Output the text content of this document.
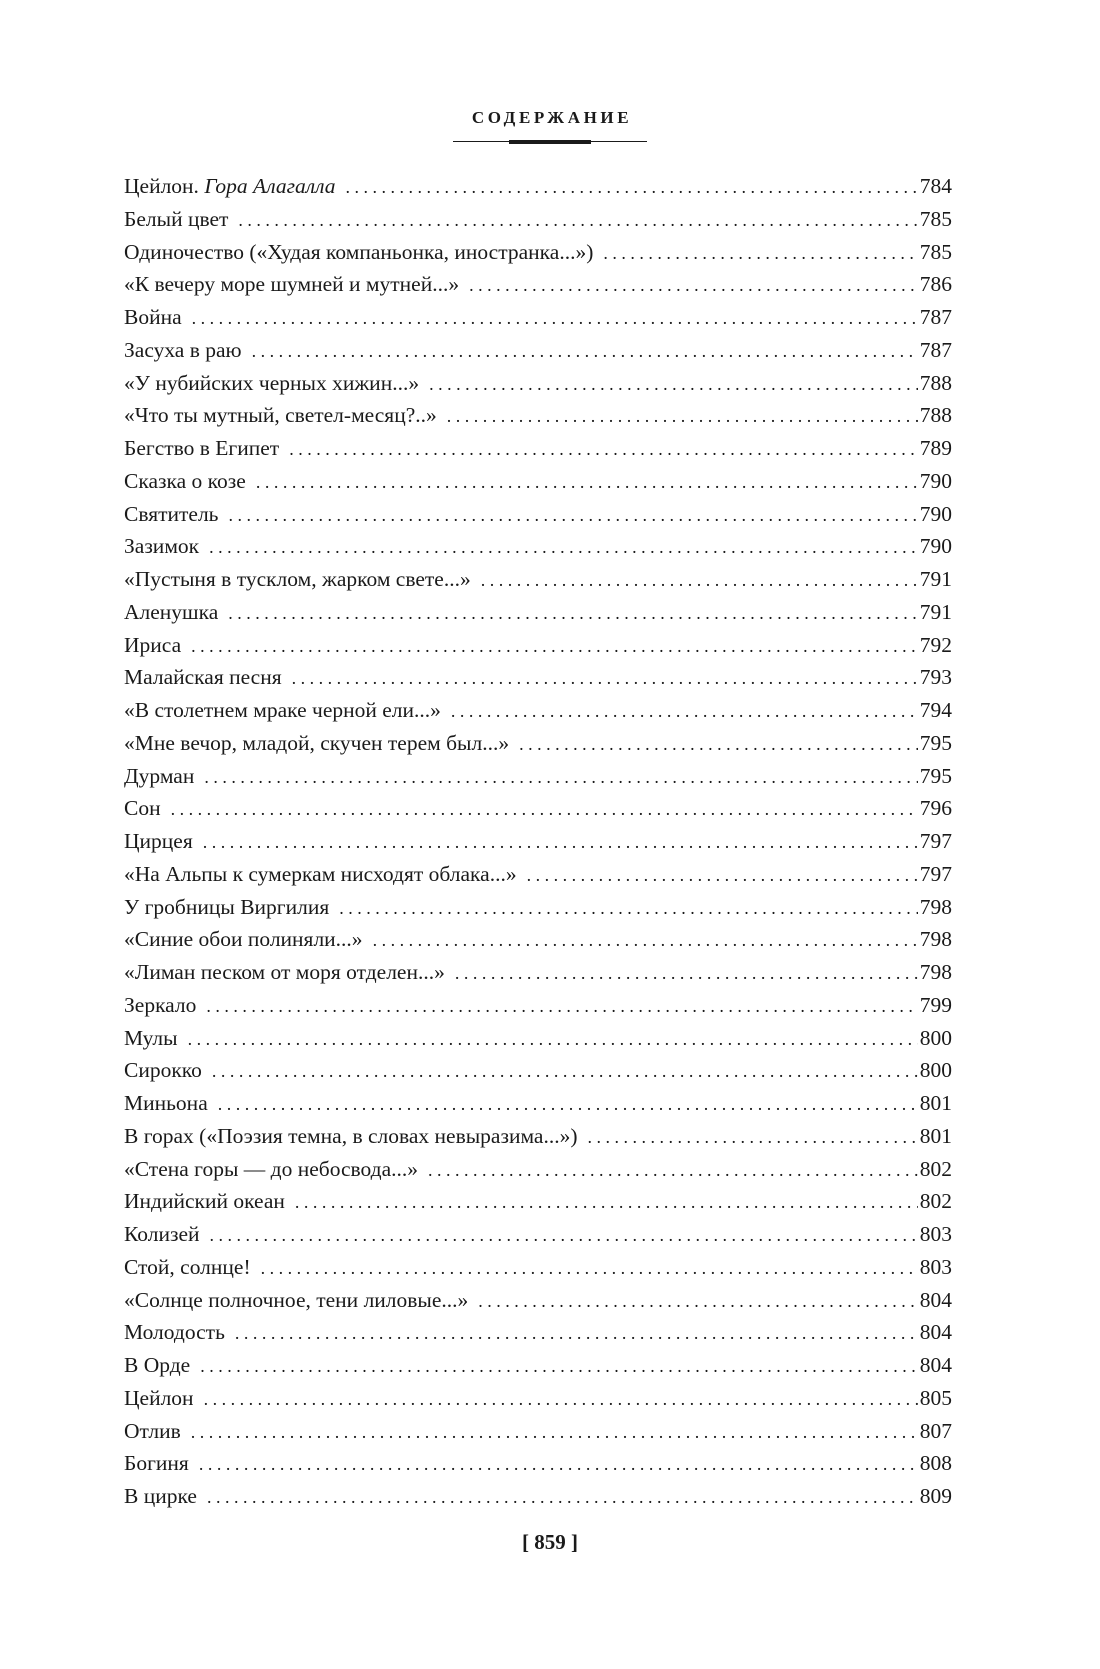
СОДЕРЖАНИЕ
Цейлон. Гора Алагалла . . .	784
Белый цвет . . .	785
Одиночество («Худая компаньонка, иностранка...») . . .	785
«К вечеру море шумней и мутней...» . . .	786
Война . . .	787
Засуха в раю . . .	787
«У нубийских черных хижин...» . . .	788
«Что ты мутный, светел-месяц?..» . . .	788
Бегство в Египет . . .	789
Сказка о козе . . .	790
Святитель . . .	790
Зазимок . . .	790
«Пустыня в тусклом, жарком свете...» . . .	791
Аленушка . . .	791
Ириса . . .	792
Малайская песня . . .	793
«В столетнем мраке черной ели...» . . .	794
«Мне вечор, младой, скучен терем был...» . . .	795
Дурман . . .	795
Сон . . .	796
Цирцея . . .	797
«На Альпы к сумеркам нисходят облака...» . . .	797
У гробницы Виргилия . . .	798
«Синие обои полиняли...» . . .	798
«Лиман песком от моря отделен...» . . .	798
Зеркало . . .	799
Мулы . . .	800
Сирокко . . .	800
Миньона . . .	801
В горах («Поэзия темна, в словах невыразима...») . . .	801
«Стена горы — до небосвода...» . . .	802
Индийский океан . . .	802
Колизей . . .	803
Стой, солнце! . . .	803
«Солнце полночное, тени лиловые...» . . .	804
Молодость . . .	804
В Орде . . .	804
Цейлон . . .	805
Отлив . . .	807
Богиня . . .	808
В цирке . . .	809
[ 859 ]
